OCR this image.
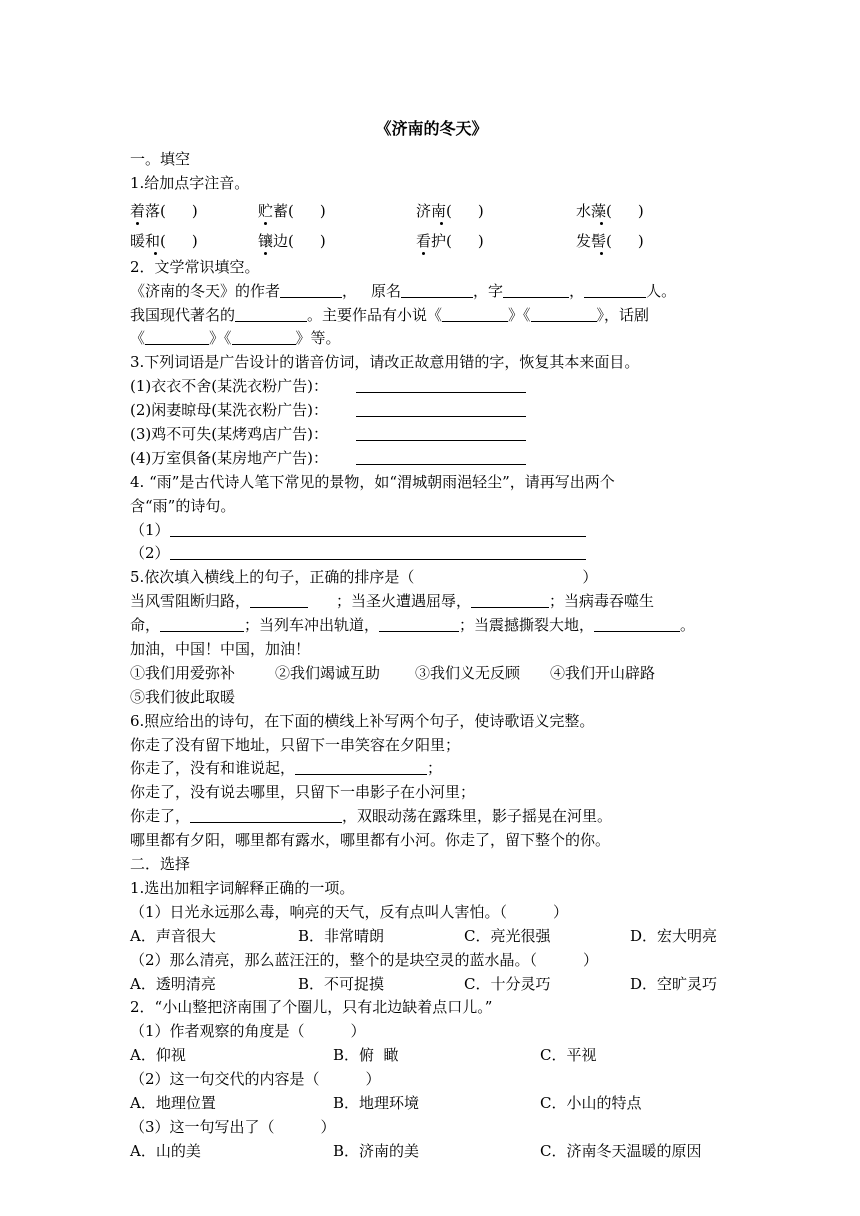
《济南的冬天》
一。填空
1.给加点字注音。
着落( )	贮蓄( )	济南( )	水藻( )
暖和( )	镶边( )	看护( )	发髻( )
2．文学常识填空。
《济南的冬天》的作者	， 原名	，字	，	人。
我国现代著名的	。主要作品有小说《	》《	》，话剧
《	》《	》等。
3.下列词语是广告设计的谐音仿词，请改正故意用错的字，恢复其本来面目。
(1)衣衣不舍(某洗衣粉广告)：
(2)闲妻晾母(某洗衣粉广告)：
(3)鸡不可失(某烤鸡店广告)：
(4)万室俱备(某房地产广告)：
4. “雨”是古代诗人笔下常见的景物，如“渭城朝雨浥轻尘”，请再写出两个
含“雨”的诗句。
（1）
（2）
5.依次填入横线上的句子，正确的排序是（	）
当风雪阻断归路，	；当圣火遭遇屈辱，	；当病毒吞噬生
命，	；当列车冲出轨道，	；当震撼撕裂大地，	。
加油，中国！中国，加油！
①我们用爱弥补	②我们竭诚互助 ③我们义无反顾 ④我们开山辟路
⑤我们彼此取暖
6.照应给出的诗句，在下面的横线上补写两个句子，使诗歌语义完整。
你走了没有留下地址，只留下一串笑容在夕阳里；
你走了，没有和谁说起，	；
你走了，没有说去哪里，只留下一串影子在小河里；
你走了，	，双眼动荡在露珠里，影子摇晃在河里。
哪里都有夕阳，哪里都有露水，哪里都有小河。你走了，留下整个的你。
二．选择
1.选出加粗字词解释正确的一项。
（1）日光永远那么毒，响亮的天气，反有点叫人害怕。（	）
A．声音很大	B．非常晴朗	C．亮光很强	D．宏大明亮
（2）那么清亮，那么蓝汪汪的，整个的是块空灵的蓝水晶。（	）
A．透明清亮	B．不可捉摸	C．十分灵巧	D．空旷灵巧
2．“小山整把济南围了个圈儿，只有北边缺着点口儿。”
（1）作者观察的角度是（	）
A．仰视	B．俯  瞰	C．平视
（2）这一句交代的内容是（	）
A．地理位置	B．地理环境	C．小山的特点
（3）这一句写出了（	）
A．山的美	B．济南的美	C．济南冬天温暖的原因
